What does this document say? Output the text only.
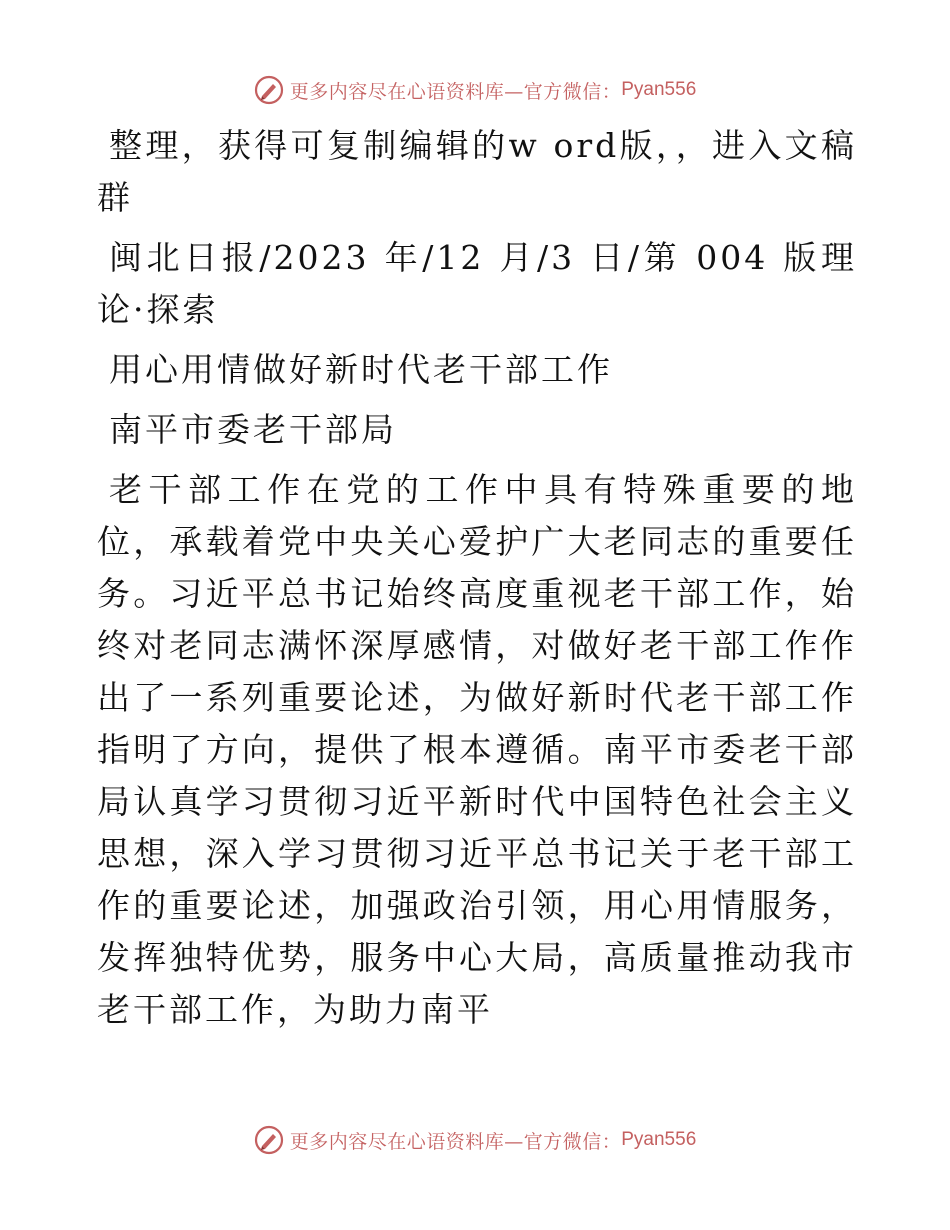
更多内容尽在心语资料库—官方微信： Pyan556

整理，获得可复制编辑的w ord版，，进入文稿群

闽北日报/2023 年/12 月/3 日/第 004 版理论·探索

用心用情做好新时代老干部工作

南平市委老干部局

老干部工作在党的工作中具有特殊重要的地位，承载着党中央关心爱护广大老同志的重要任务。习近平总书记始终高度重视老干部工作，始终对老同志满怀深厚感情，对做好老干部工作作出了一系列重要论述，为做好新时代老干部工作指明了方向，提供了根本遵循。南平市委老干部局认真学习贯彻习近平新时代中国特色社会主义思想，深入学习贯彻习近平总书记关于老干部工作的重要论述，加强政治引领，用心用情服务，发挥独特优势，服务中心大局，高质量推动我市老干部工作，为助力南平

更多内容尽在心语资料库—官方微信： Pyan556
